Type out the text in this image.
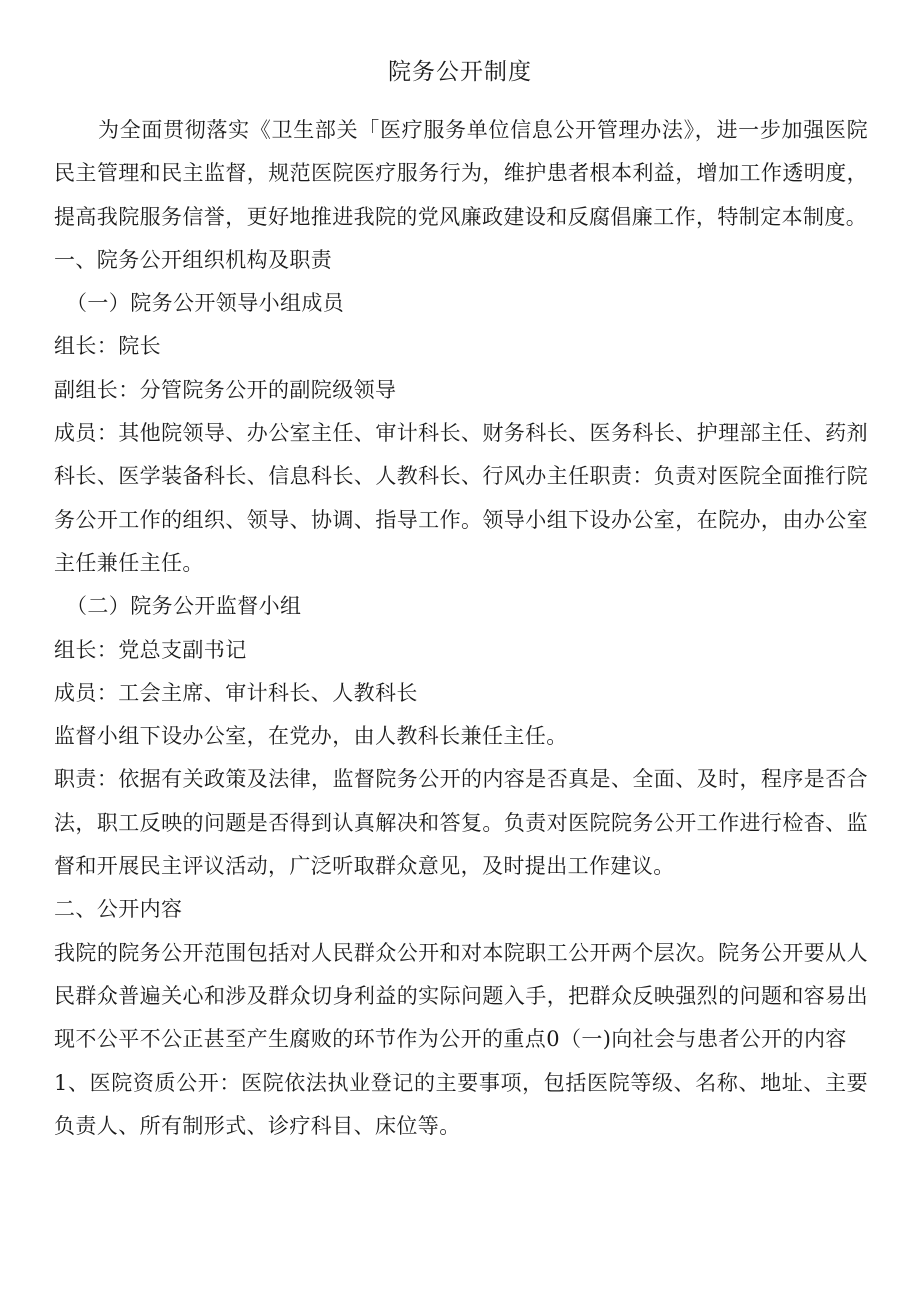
院务公开制度

为全面贯彻落实《卫生部关「医疗服务单位信息公开管理办法》，进一步加强医院民主管理和民主监督，规范医院医疗服务行为，维护患者根本利益，增加工作透明度，提高我院服务信誉，更好地推进我院的党风廉政建设和反腐倡廉工作，特制定本制度。

一、院务公开组织机构及职责

（一）院务公开领导小组成员

组长：院长

副组长：分管院务公开的副院级领导

成员：其他院领导、办公室主任、审计科长、财务科长、医务科长、护理部主任、药剂科长、医学装备科长、信息科长、人教科长、行风办主任职责：负责对医院全面推行院务公开工作的组织、领导、协调、指导工作。领导小组下设办公室，在院办，由办公室主任兼任主任。

（二）院务公开监督小组

组长：党总支副书记

成员：工会主席、审计科长、人教科长

监督小组下设办公室，在党办，由人教科长兼任主任。

职责：依据有关政策及法律，监督院务公开的内容是否真是、全面、及时，程序是否合法，职工反映的问题是否得到认真解决和答复。负责对医院院务公开工作进行检杳、监督和开展民主评议活动，广泛听取群众意见，及时提出工作建议。

二、公开内容

我院的院务公开范围包括对人民群众公开和对本院职工公开两个层次。院务公开要从人民群众普遍关心和涉及群众切身利益的实际问题入手，把群众反映强烈的问题和容易出现不公平不公正甚至产生腐败的环节作为公开的重点0（一)向社会与患者公开的内容

1、医院资质公开：医院依法执业登记的主要事项，包括医院等级、名称、地址、主要负责人、所有制形式、诊疗科目、床位等。
